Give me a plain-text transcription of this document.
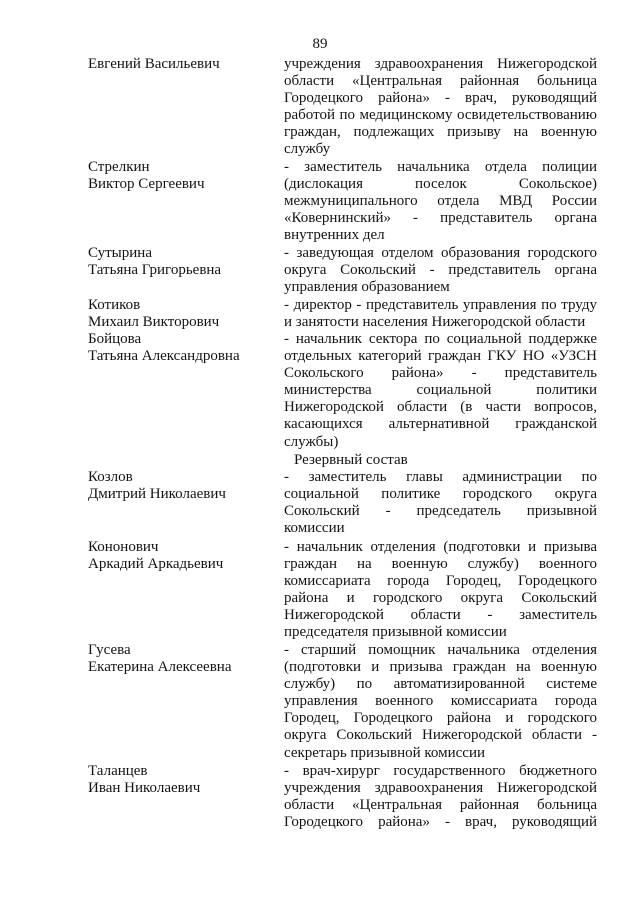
89
Евгений Васильевич	учреждения здравоохранения Нижегородской
области «Центральная районная больница
Городецкого района» - врач, руководящий
работой по медицинскому освидетельствованию
граждан, подлежащих призыву на военную
службу
Стрелкин
Виктор Сергеевич
- заместитель начальника отдела полиции
(дислокация поселок Сокольское)
межмуниципального отдела МВД России
«Ковернинский» - представитель органа
внутренних дел
Сутырина
Татьяна Григорьевна
- заведующая отделом образования городского
округа Сокольский - представитель органа
управления образованием
Котиков
Михаил Викторович
- директор - представитель управления по труду
и занятости населения Нижегородской области
Бойцова
Татьяна Александровна
- начальник сектора по социальной поддержке
отдельных категорий граждан ГКУ НО «УЗСН
Сокольского района» - представитель
министерства социальной политики
Нижегородской области (в части вопросов,
касающихся альтернативной гражданской
службы)
Резервный состав
Козлов
Дмитрий Николаевич
- заместитель главы администрации по
социальной политике городского округа
Сокольский - председатель призывной
комиссии
Кононович
Аркадий Аркадьевич
- начальник отделения (подготовки и призыва
граждан на военную службу) военного
комиссариата города Городец, Городецкого
района и городского округа Сокольский
Нижегородской области - заместитель
председателя призывной комиссии
Гусева
Екатерина Алексеевна
- старший помощник начальника отделения
(подготовки и призыва граждан на военную
службу) по автоматизированной системе
управления военного комиссариата города
Городец, Городецкого района и городского
округа Сокольский Нижегородской области -
секретарь призывной комиссии
Таланцев
Иван Николаевич
- врач-хирург государственного бюджетного
учреждения здравоохранения Нижегородской
области «Центральная районная больница
Городецкого района» - врач, руководящий
